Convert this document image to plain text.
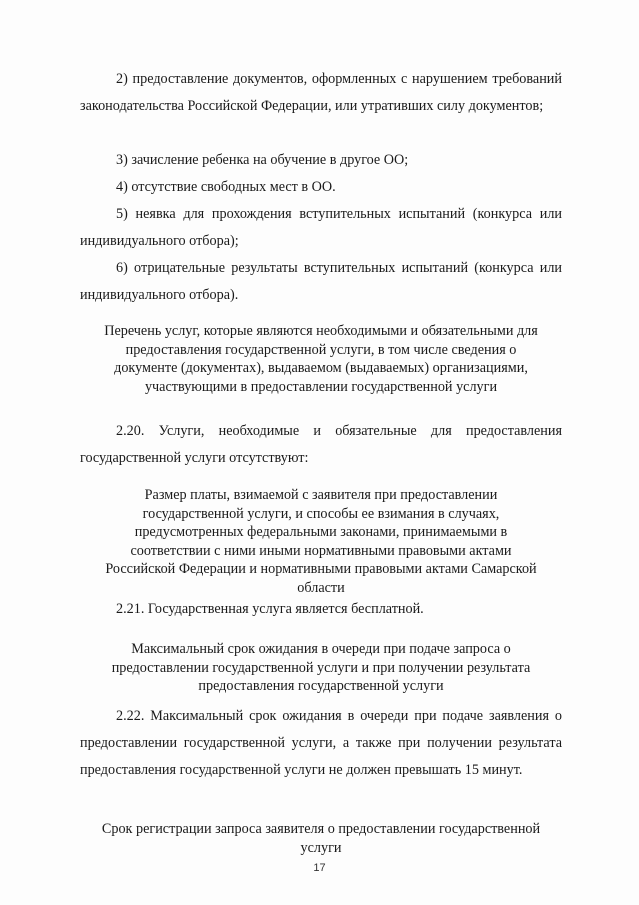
2) предоставление документов, оформленных с нарушением требований законодательства Российской Федерации, или утративших силу документов;

3) зачисление ребенка на обучение в другое ОО;

4) отсутствие свободных мест в ОО.

5) неявка для прохождения вступительных испытаний (конкурса или индивидуального отбора);

6) отрицательные результаты вступительных испытаний (конкурса или индивидуального отбора).

Перечень услуг, которые являются необходимыми и обязательными для предоставления государственной услуги, в том числе сведения о документе (документах), выдаваемом (выдаваемых) организациями, участвующими в предоставлении государственной услуги

2.20. Услуги, необходимые и обязательные для предоставления государственной услуги отсутствуют:

Размер платы, взимаемой с заявителя при предоставлении государственной услуги, и способы ее взимания в случаях, предусмотренных федеральными законами, принимаемыми в соответствии с ними иными нормативными правовыми актами Российской Федерации и нормативными правовыми актами Самарской области

2.21. Государственная услуга является бесплатной.

Максимальный срок ожидания в очереди при подаче запроса о предоставлении государственной услуги и при получении результата предоставления государственной услуги

2.22. Максимальный срок ожидания в очереди при подаче заявления о предоставлении государственной услуги, а также при получении результата предоставления государственной услуги не должен превышать 15 минут.

Срок регистрации запроса заявителя о предоставлении государственной услуги

17
